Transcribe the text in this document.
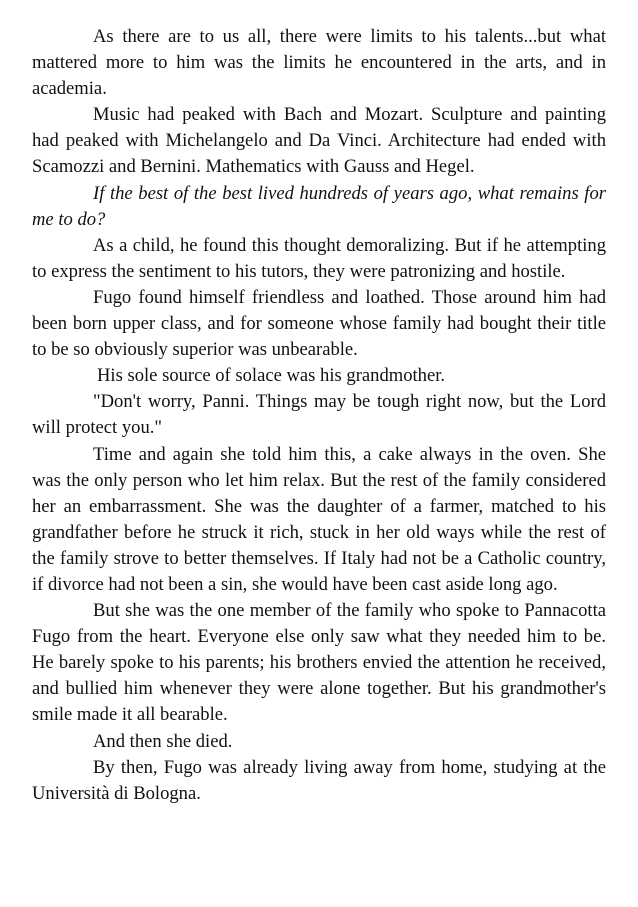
As there are to us all, there were limits to his talents...but what mattered more to him was the limits he encountered in the arts, and in academia.

Music had peaked with Bach and Mozart. Sculpture and painting had peaked with Michelangelo and Da Vinci. Architecture had ended with Scamozzi and Bernini. Mathematics with Gauss and Hegel.

If the best of the best lived hundreds of years ago, what remains for me to do?

As a child, he found this thought demoralizing. But if he attempting to express the sentiment to his tutors, they were patronizing and hostile.

Fugo found himself friendless and loathed. Those around him had been born upper class, and for someone whose family had bought their title to be so obviously superior was unbearable.

His sole source of solace was his grandmother.

"Don't worry, Panni. Things may be tough right now, but the Lord will protect you."

Time and again she told him this, a cake always in the oven. She was the only person who let him relax. But the rest of the family considered her an embarrassment. She was the daughter of a farmer, matched to his grandfather before he struck it rich, stuck in her old ways while the rest of the family strove to better themselves. If Italy had not be a Catholic country, if divorce had not been a sin, she would have been cast aside long ago.

But she was the one member of the family who spoke to Pannacotta Fugo from the heart. Everyone else only saw what they needed him to be. He barely spoke to his parents; his brothers envied the attention he received, and bullied him whenever they were alone together. But his grandmother's smile made it all bearable.

And then she died.

By then, Fugo was already living away from home, studying at the Università di Bologna.
